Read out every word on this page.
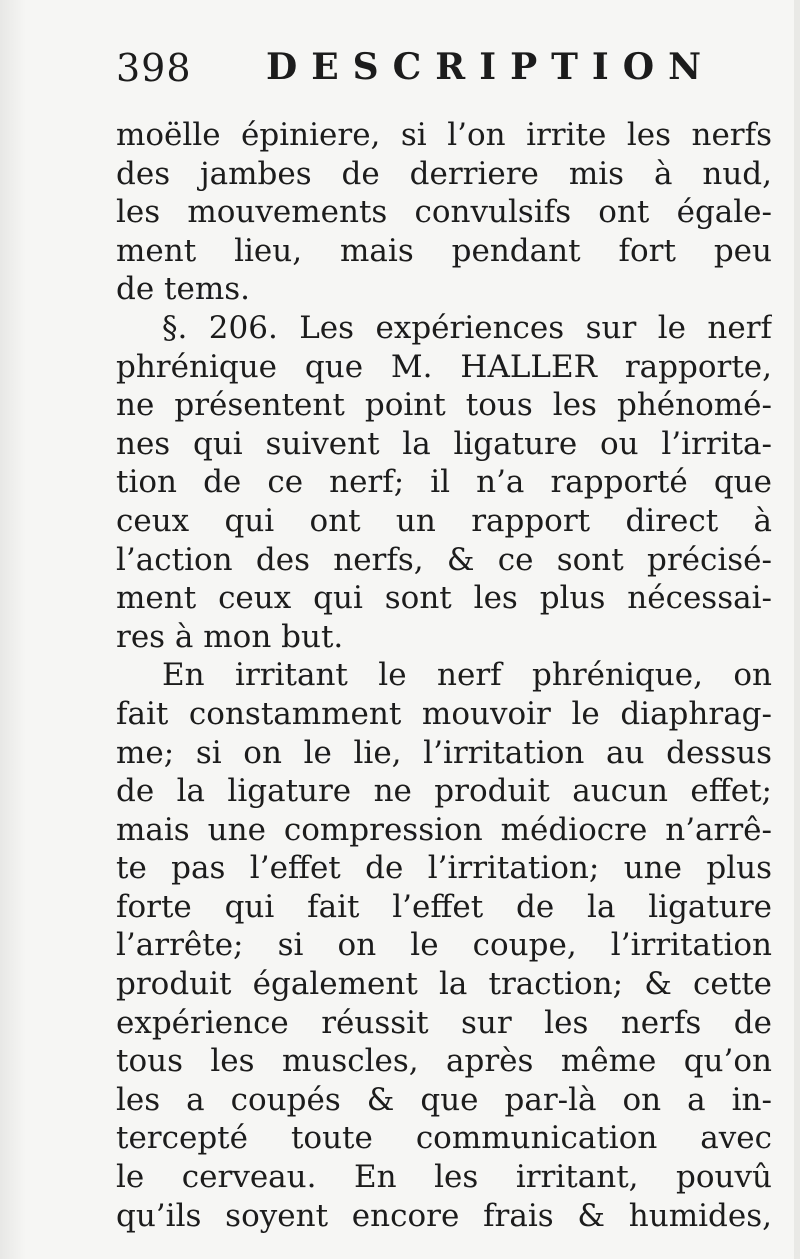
398 DESCRIPTION
moëlle épiniere, si l’on irrite les nerfs
des jambes de derriere mis à nud,
les mouvements convulsifs ont égale-
ment lieu, mais pendant fort peu
de tems.
§. 206. Les expériences sur le nerf
phrénique que M. HALLER rapporte,
ne présentent point tous les phénomé-
nes qui suivent la ligature ou l’irrita-
tion de ce nerf; il n’a rapporté que
ceux qui ont un rapport direct à
l’action des nerfs, & ce sont précisé-
ment ceux qui sont les plus nécessai-
res à mon but.
En irritant le nerf phrénique, on
fait constamment mouvoir le diaphrag-
me; si on le lie, l’irritation au dessus
de la ligature ne produit aucun effet;
mais une compression médiocre n’arrê-
te pas l’effet de l’irritation; une plus
forte qui fait l’effet de la ligature
l’arrête; si on le coupe, l’irritation
produit également la traction; & cette
expérience réussit sur les nerfs de
tous les muscles, après même qu’on
les a coupés & que par-là on a in-
tercepté toute communication avec
le cerveau. En les irritant, pouvû
qu’ils soyent encore frais & humides,
